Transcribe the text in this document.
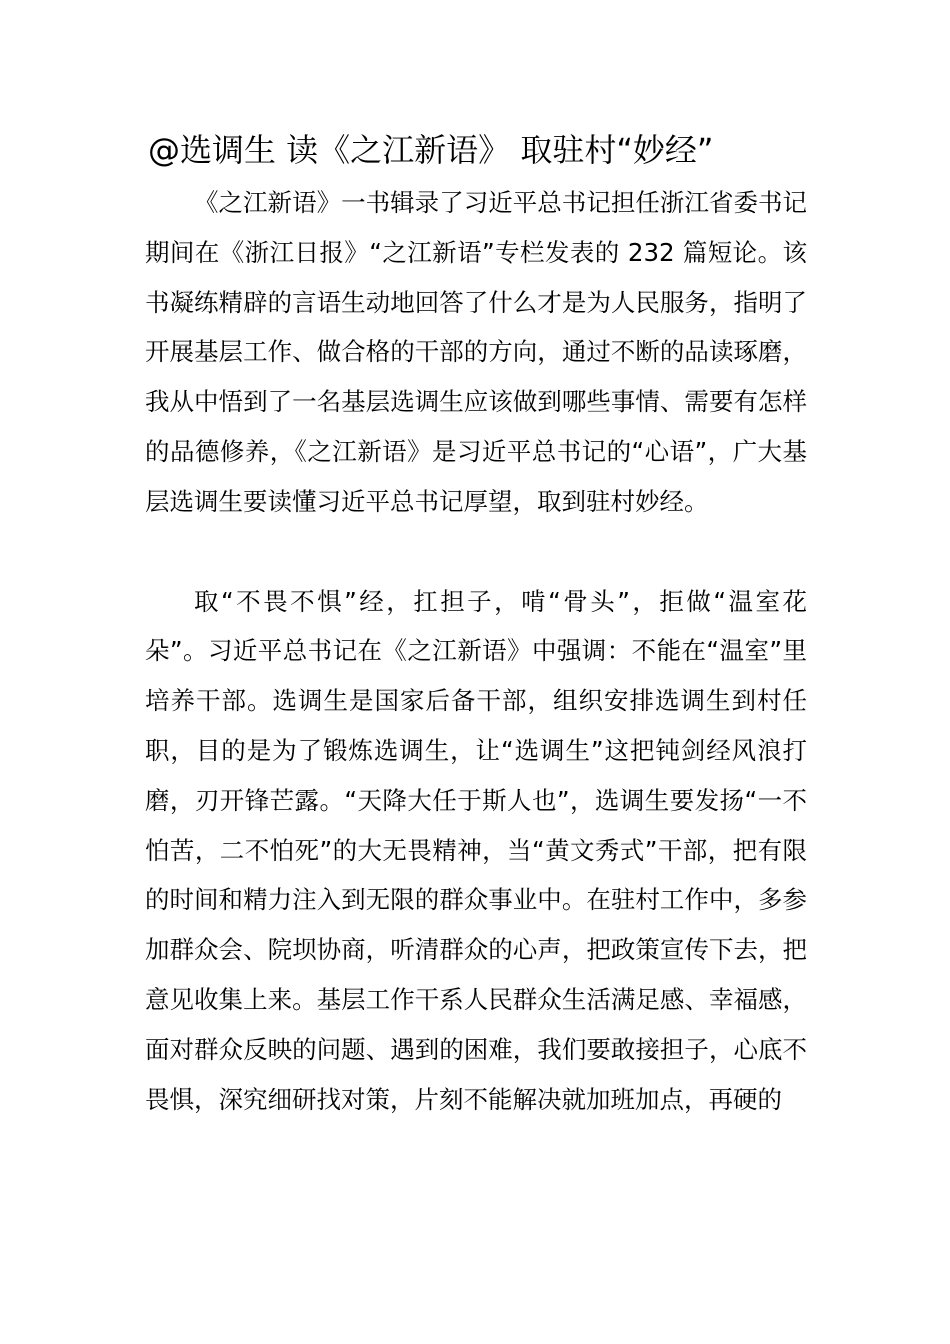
@选调生 读《之江新语》 取驻村“妙经”

《之江新语》一书辑录了习近平总书记担任浙江省委书记期间在《浙江日报》“之江新语”专栏发表的 232 篇短论。该书凝练精辟的言语生动地回答了什么才是为人民服务，指明了开展基层工作、做合格的干部的方向，通过不断的品读琢磨，我从中悟到了一名基层选调生应该做到哪些事情、需要有怎样的品德修养，《之江新语》是习近平总书记的“心语”，广大基层选调生要读懂习近平总书记厚望，取到驻村妙经。

取“不畏不惧”经，扛担子，啃“骨头”，拒做“温室花朵”。习近平总书记在《之江新语》中强调：不能在“温室”里培养干部。选调生是国家后备干部，组织安排选调生到村任职，目的是为了锻炼选调生，让“选调生”这把钝剑经风浪打磨，刃开锋芒露。“天降大任于斯人也”，选调生要发扬“一不怕苦，二不怕死”的大无畏精神，当“黄文秀式”干部，把有限的时间和精力注入到无限的群众事业中。在驻村工作中，多参加群众会、院坝协商，听清群众的心声，把政策宣传下去，把意见收集上来。基层工作干系人民群众生活满足感、幸福感，面对群众反映的问题、遇到的困难，我们要敢接担子，心底不畏惧，深究细研找对策，片刻不能解决就加班加点，再硬的
